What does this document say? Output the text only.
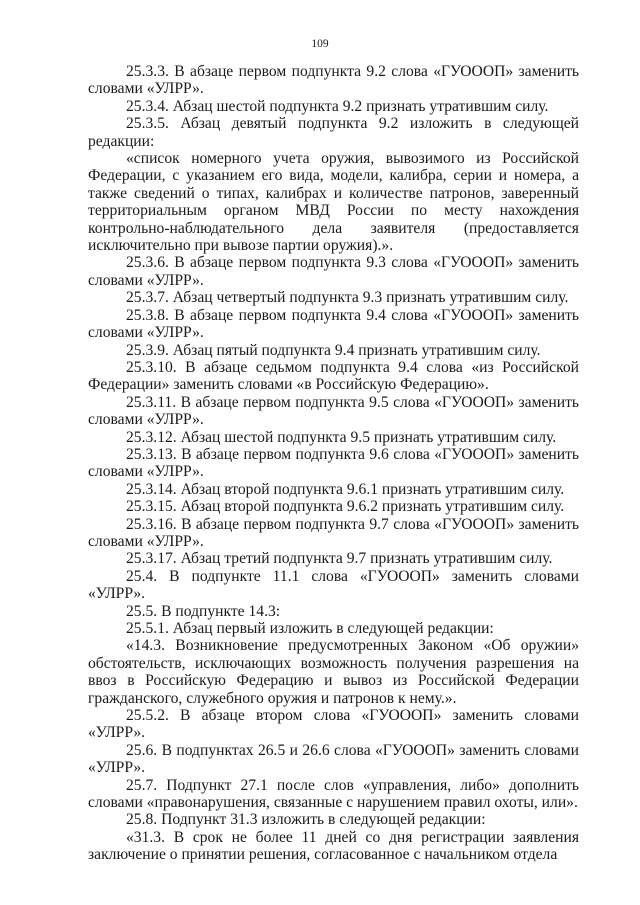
109

25.3.3. В абзаце первом подпункта 9.2 слова «ГУОООП» заменить словами «УЛРР».

25.3.4. Абзац шестой подпункта 9.2 признать утратившим силу.

25.3.5. Абзац девятый подпункта 9.2 изложить в следующей редакции:

«список номерного учета оружия, вывозимого из Российской Федерации, с указанием его вида, модели, калибра, серии и номера, а также сведений о типах, калибрах и количестве патронов, заверенный территориальным органом МВД России по месту нахождения контрольно-наблюдательного дела заявителя (предоставляется исключительно при вывозе партии оружия).».

25.3.6. В абзаце первом подпункта 9.3 слова «ГУОООП» заменить словами «УЛРР».

25.3.7. Абзац четвертый подпункта 9.3 признать утратившим силу.

25.3.8. В абзаце первом подпункта 9.4 слова «ГУОООП» заменить словами «УЛРР».

25.3.9. Абзац пятый подпункта 9.4 признать утратившим силу.

25.3.10. В абзаце седьмом подпункта 9.4 слова «из Российской Федерации» заменить словами «в Российскую Федерацию».

25.3.11. В абзаце первом подпункта 9.5 слова «ГУОООП» заменить словами «УЛРР».

25.3.12. Абзац шестой подпункта 9.5 признать утратившим силу.

25.3.13. В абзаце первом подпункта 9.6 слова «ГУОООП» заменить словами «УЛРР».

25.3.14. Абзац второй подпункта 9.6.1 признать утратившим силу.

25.3.15. Абзац второй подпункта 9.6.2 признать утратившим силу.

25.3.16. В абзаце первом подпункта 9.7 слова «ГУОООП» заменить словами «УЛРР».

25.3.17. Абзац третий подпункта 9.7 признать утратившим силу.

25.4. В подпункте 11.1 слова «ГУОООП» заменить словами «УЛРР».

25.5. В подпункте 14.3:

25.5.1. Абзац первый изложить в следующей редакции:

«14.3. Возникновение предусмотренных Законом «Об оружии» обстоятельств, исключающих возможность получения разрешения на ввоз в Российскую Федерацию и вывоз из Российской Федерации гражданского, служебного оружия и патронов к нему.».

25.5.2. В абзаце втором слова «ГУОООП» заменить словами «УЛРР».

25.6. В подпунктах 26.5 и 26.6 слова «ГУОООП» заменить словами «УЛРР».

25.7. Подпункт 27.1 после слов «управления, либо» дополнить словами «правонарушения, связанные с нарушением правил охоты, или».

25.8. Подпункт 31.3 изложить в следующей редакции:

«31.3. В срок не более 11 дней со дня регистрации заявления заключение о принятии решения, согласованное с начальником отдела
